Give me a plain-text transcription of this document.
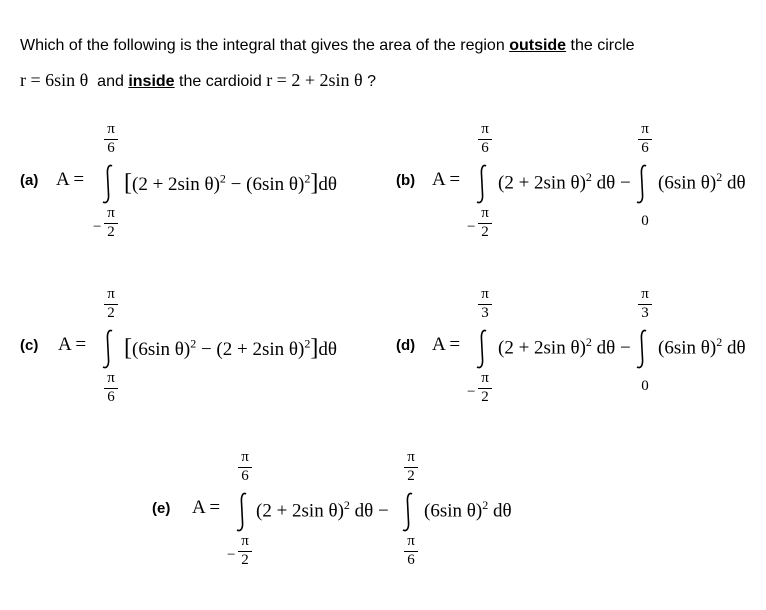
Which of the following is the integral that gives the area of the region outside the circle
r = 6sin θ and inside the cardioid r = 2 + 2sin θ ?
(a) A =
π
6
−
π
2
[(2 + 2sin θ)$^2$ − (6sin θ)$^2$]dθ	(b) A =
π
6
−
π
2
(2 + 2sin θ)$^2$ dθ −
π
6
0
(6sin θ)$^2$ dθ
(c) A =
π
2
π
6
[(6sin θ)$^2$ − (2 + 2sin θ)$^2$]dθ	(d) A =
π
3
−
π
2
(2 + 2sin θ)$^2$ dθ −
π
3
0
(6sin θ)$^2$ dθ
(e) A =
π
6
−
π
2
(2 + 2sin θ)$^2$ dθ −
π
2
π
6
(6sin θ)$^2$ dθ
